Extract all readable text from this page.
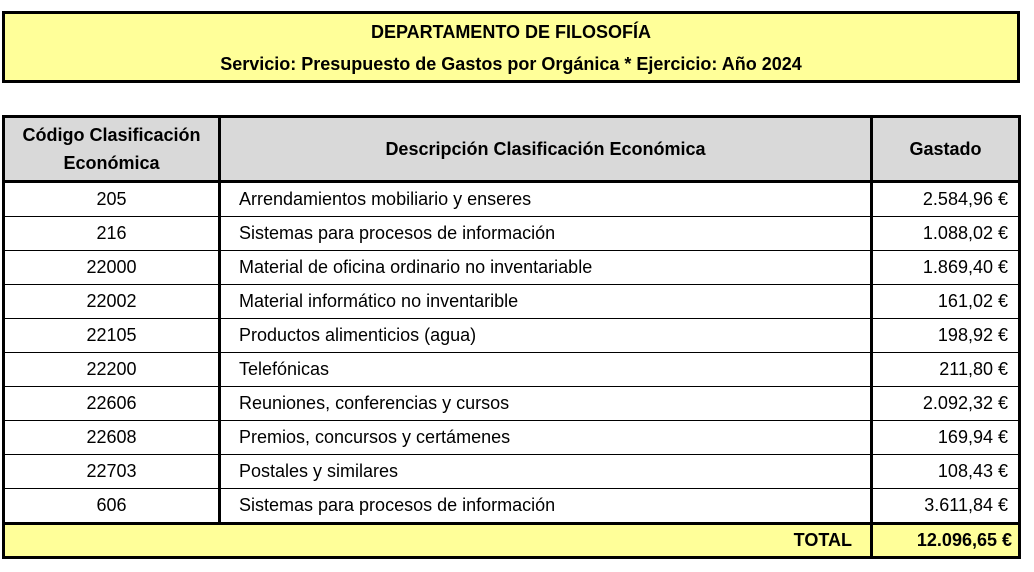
DEPARTAMENTO DE FILOSOFÍA
Servicio: Presupuesto de Gastos por Orgánica * Ejercicio: Año 2024
Código Clasificación
Económica	Descripción Clasificación Económica	Gastado
205	Arrendamientos mobiliario y enseres	2.584,96 €
216	Sistemas para procesos de información	1.088,02 €
22000	Material de oficina ordinario no inventariable	1.869,40 €
22002	Material informático no inventarible	161,02 €
22105	Productos alimenticios (agua)	198,92 €
22200	Telefónicas	211,80 €
22606	Reuniones, conferencias y cursos	2.092,32 €
22608	Premios, concursos y certámenes	169,94 €
22703	Postales y similares	108,43 €
606	Sistemas para procesos de información	3.611,84 €
TOTAL		12.096,65 €
